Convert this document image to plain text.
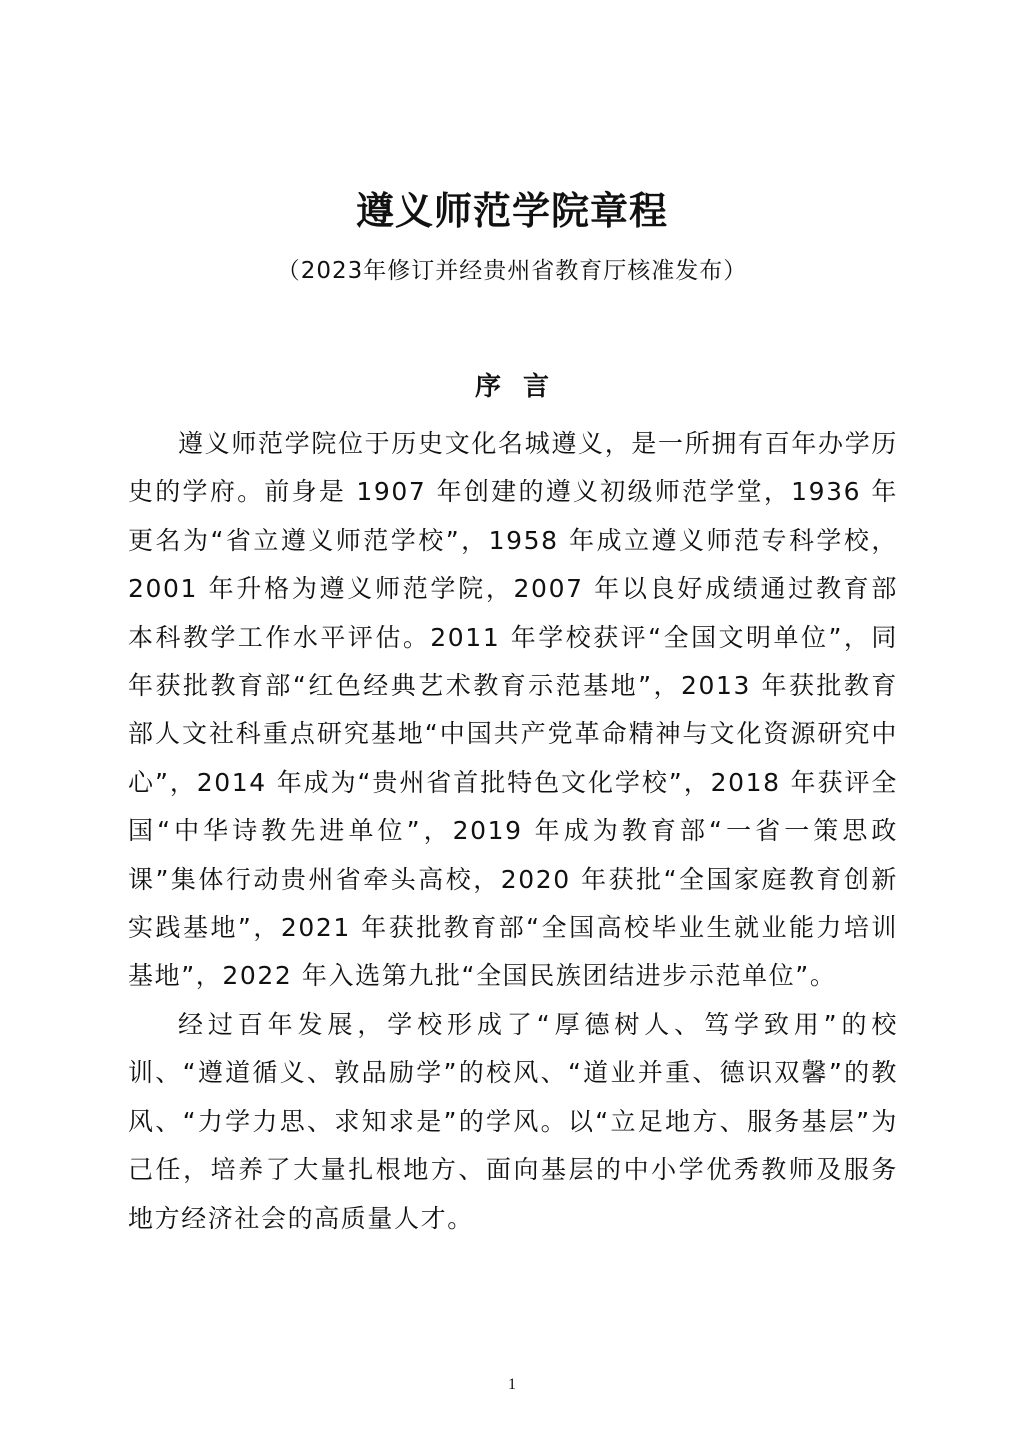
遵义师范学院章程
（2023年修订并经贵州省教育厅核准发布）
序言

遵义师范学院位于历史文化名城遵义，是一所拥有百年办学历史的学府。前身是 1907 年创建的遵义初级师范学堂，1936 年更名为“省立遵义师范学校”，1958 年成立遵义师范专科学校，2001 年升格为遵义师范学院，2007 年以良好成绩通过教育部本科教学工作水平评估。2011 年学校获评“全国文明单位”，同年获批教育部“红色经典艺术教育示范基地”，2013 年获批教育部人文社科重点研究基地“中国共产党革命精神与文化资源研究中心”，2014 年成为“贵州省首批特色文化学校”，2018 年获评全国“中华诗教先进单位”，2019 年成为教育部“一省一策思政课”集体行动贵州省牵头高校，2020 年获批“全国家庭教育创新实践基地”，2021 年获批教育部“全国高校毕业生就业能力培训基地”，2022 年入选第九批“全国民族团结进步示范单位”。

经过百年发展，学校形成了“厚德树人、笃学致用”的校训、“遵道循义、敦品励学”的校风、“道业并重、德识双馨”的教风、“力学力思、求知求是”的学风。以“立足地方、服务基层”为己任，培养了大量扎根地方、面向基层的中小学优秀教师及服务地方经济社会的高质量人才。

1
